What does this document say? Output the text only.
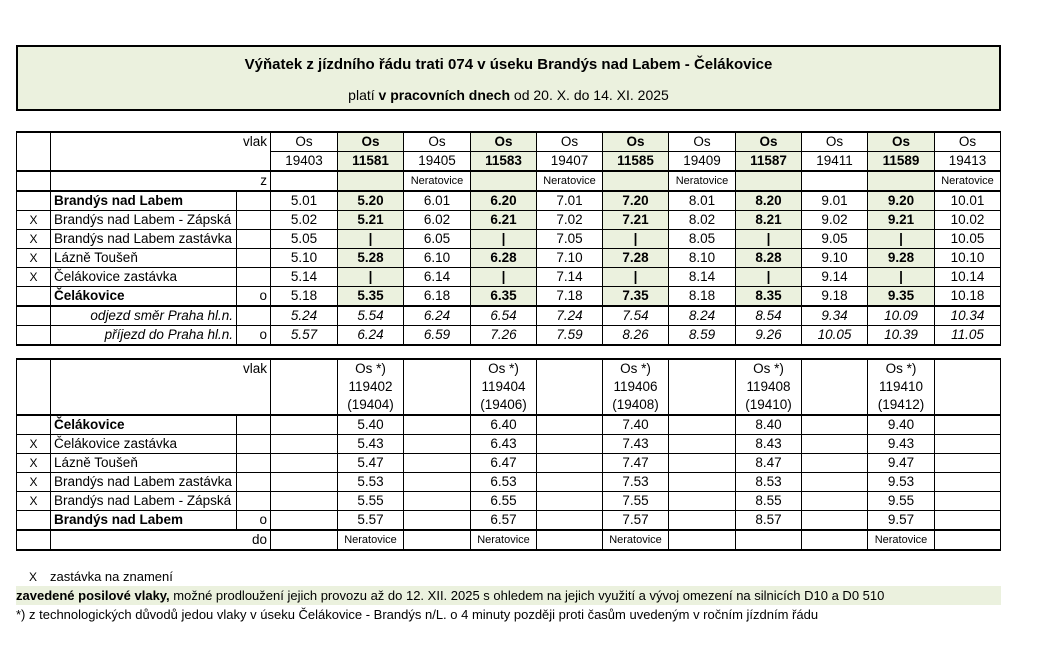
Výňatek z jízdního řádu trati 074 v úseku Brandýs nad Labem - Čelákovice
platí v pracovních dnech od 20. X. do 14. XI. 2025
	vlak		Os	Os	Os	Os	Os	Os	Os	Os	Os	Os	Os
			19403	11581	19405	11583	19407	11585	19409	11587	19411	11589	19413
	z				Neratovice		Neratovice		Neratovice				Neratovice
	Brandýs nad Labem		5.01	5.20	6.01	6.20	7.01	7.20	8.01	8.20	9.01	9.20	10.01
X	Brandýs nad Labem - Zápská		5.02	5.21	6.02	6.21	7.02	7.21	8.02	8.21	9.02	9.21	10.02
X	Brandýs nad Labem zastávka		5.05	|	6.05	|	7.05	|	8.05	|	9.05	|	10.05
X	Lázně Toušeň		5.10	5.28	6.10	6.28	7.10	7.28	8.10	8.28	9.10	9.28	10.10
X	Čelákovice zastávka		5.14	|	6.14	|	7.14	|	8.14	|	9.14	|	10.14
	Čelákovice	o	5.18	5.35	6.18	6.35	7.18	7.35	8.18	8.35	9.18	9.35	10.18
	odjezd směr Praha hl.n.		5.24	5.54	6.24	6.54	7.24	7.54	8.24	8.54	9.34	10.09	10.34
	příjezd do Praha hl.n.	o	5.57	6.24	6.59	7.26	7.59	8.26	8.59	9.26	10.05	10.39	11.05
	vlak			Os *)		Os *)		Os *)		Os *)		Os *)	
				119402		119404		119406		119408		119410	
				(19404)		(19406)		(19408)		(19410)		(19412)	
	Čelákovice			5.40		6.40		7.40		8.40		9.40	
X	Čelákovice zastávka			5.43		6.43		7.43		8.43		9.43	
X	Lázně Toušeň			5.47		6.47		7.47		8.47		9.47	
X	Brandýs nad Labem zastávka			5.53		6.53		7.53		8.53		9.53	
X	Brandýs nad Labem - Zápská			5.55		6.55		7.55		8.55		9.55	
	Brandýs nad Labem	o		5.57		6.57		7.57		8.57		9.57	
	do			Neratovice		Neratovice		Neratovice				Neratovice	
X zastávka na znamení
zavedené posilové vlaky, možné prodloužení jejich provozu až do 12. XII. 2025 s ohledem na jejich využití a vývoj omezení na silnicích D10 a D0 510
*) z technologických důvodů jedou vlaky v úseku Čelákovice - Brandýs n/L. o 4 minuty později proti časům uvedeným v ročním jízdním řádu
